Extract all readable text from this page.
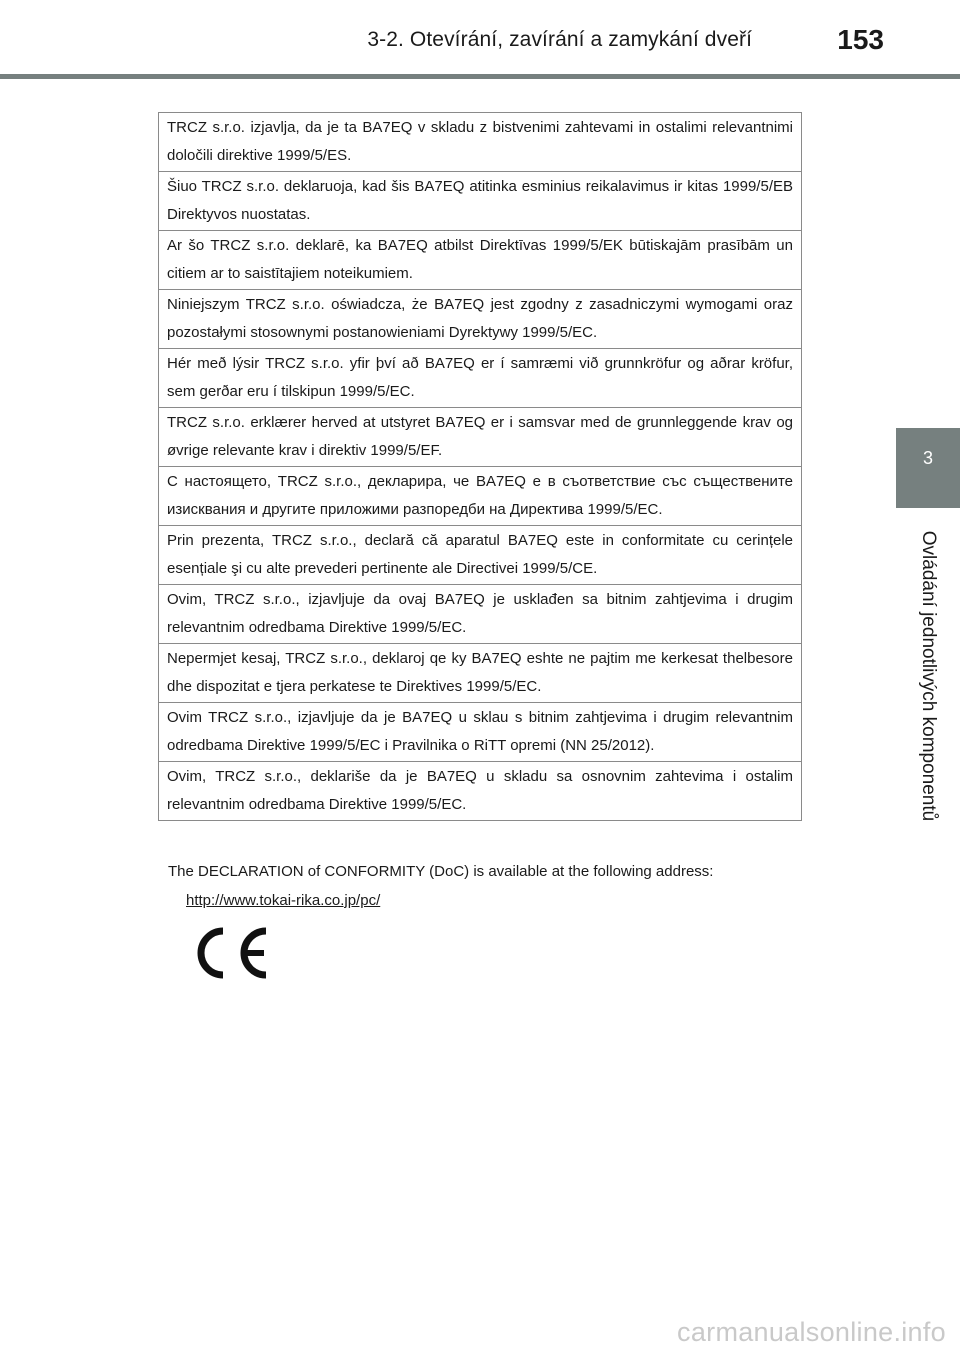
3-2. Otevírání, zavírání a zamykání dveří	153
3
Ovládání jednotlivých komponentů
TRCZ s.r.o. izjavlja, da je ta BA7EQ v skladu z bistvenimi zahtevami in ostalimi relevantnimi določili direktive 1999/5/ES.
Šiuo TRCZ s.r.o. deklaruoja, kad šis BA7EQ atitinka esminius reikalavimus ir kitas 1999/5/EB Direktyvos nuostatas.
Ar šo TRCZ s.r.o. deklarē, ka BA7EQ atbilst Direktīvas 1999/5/EK būtiskajām prasībām un citiem ar to saistītajiem noteikumiem.
Niniejszym TRCZ s.r.o. oświadcza, że BA7EQ jest zgodny z zasadniczymi wymogami oraz pozostałymi stosownymi postanowieniami Dyrektywy 1999/5/EC.
Hér með lýsir TRCZ s.r.o. yfir því að BA7EQ er í samræmi við grunnkröfur og aðrar kröfur, sem gerðar eru í tilskipun 1999/5/EC.
TRCZ s.r.o. erklærer herved at utstyret BA7EQ er i samsvar med de grunnleggende krav og øvrige relevante krav i direktiv 1999/5/EF.
С настоящето, TRCZ s.r.o., декларира, че BA7EQ е в съответствие със съществените изисквания и другите приложими разпоредби на Директива 1999/5/EC.
Prin prezenta, TRCZ s.r.o., declară că aparatul BA7EQ este in conformitate cu cerințele esențiale şi cu alte prevederi pertinente ale Directivei 1999/5/CE.
Ovim, TRCZ s.r.o., izjavljuje da ovaj BA7EQ je usklađen sa bitnim zahtjevima i drugim relevantnim odredbama Direktive 1999/5/EC.
Nepermjet kesaj, TRCZ s.r.o., deklaroj qe ky BA7EQ eshte ne pajtim me kerkesat thelbesore dhe dispozitat e tjera perkatese te Direktives 1999/5/EC.
Ovim TRCZ s.r.o., izjavljuje da je BA7EQ u sklau s bitnim zahtjevima i drugim relevantnim odredbama Direktive 1999/5/EC i Pravilnika o RiTT opremi (NN 25/2012).
Ovim, TRCZ s.r.o., deklariše da je BA7EQ u skladu sa osnovnim zahtevima i ostalim relevantnim odredbama Direktive 1999/5/EC.
The DECLARATION of CONFORMITY (DoC) is available at the following address:
http://www.tokai-rika.co.jp/pc/
carmanualsonline.info
